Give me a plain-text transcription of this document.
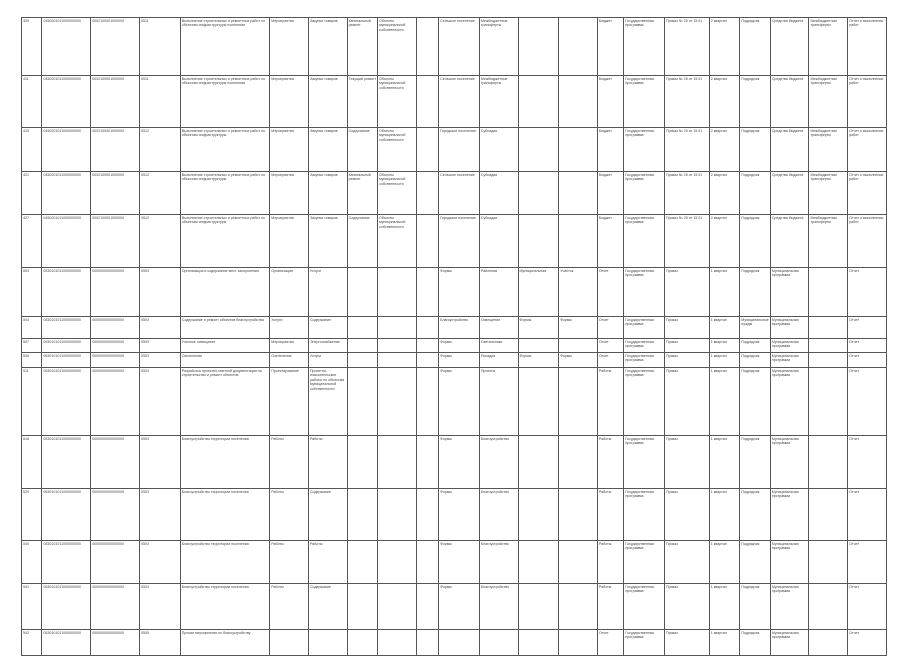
409	0450201011000000000	0002100001000000	0511	Выполнение строительных и ремонтных работ по объектам инфраструктуры поселения	Мероприятия	Закупка товаров	Капитальный ремонт	Объекты муниципальной собственности		Сельское поселение	Межбюджетные трансферты			Бюджет	Государственная программа	Приказ № 25 от 15.01	2 квартал	Подрядчик	Средства бюджета	Межбюджетные трансферты	Отчет о выполнении работ
411	0450201011000000000	0002100001000000	0511	Выполнение строительных и ремонтных работ по объектам инфраструктуры поселения	Мероприятия	Закупка товаров	Текущий ремонт	Объекты муниципальной собственности		Сельское поселение	Межбюджетные трансферты			Бюджет	Государственная программа	Приказ № 25 от 15.01	2 квартал	Подрядчик	Средства бюджета	Межбюджетные трансферты	Отчет о выполнении работ
415	0450201011000000000	0002100001000000	0512	Выполнение строительных и ремонтных работ по объектам инфраструктуры	Мероприятия	Закупка товаров	Содержание	Объекты муниципальной собственности		Городское поселение	Субсидии			Бюджет	Государственная программа	Приказ № 25 от 15.01	2 квартал	Подрядчик	Средства бюджета	Межбюджетные трансферты	Отчет о выполнении работ
421	0450201011000000000	0002100001000000	0512	Выполнение строительных и ремонтных работ по объектам инфраструктуры	Мероприятия	Закупка товаров	Капитальный ремонт	Объекты муниципальной собственности		Сельское поселение	Субсидии			Бюджет	Государственная программа	Приказ № 25 от 15.01	2 квартал	Подрядчик	Средства бюджета	Межбюджетные трансферты	Отчет о выполнении работ
427	0450201011000000000	0002100001000000	0512	Выполнение строительных и ремонтных работ по объектам инфраструктуры	Мероприятия	Закупка товаров	Содержание	Объекты муниципальной собственности		Городское поселение	Субсидии			Бюджет	Государственная программа	Приказ № 25 от 15.01	2 квартал	Подрядчик	Средства бюджета	Межбюджетные трансферты	Отчет о выполнении работ
503	0530101011000000000	0000000000000000	0503	Организация и содержание мест захоронения	Организация	Услуги				Формы	Районная	Муниципальная	Участок	Отчет	Государственная программа	Приказ	1 квартал	Подрядчик	Муниципальная программа		Отчет
504	0530101011000000000	0000000000000000	0503	Содержание и ремонт объектов благоустройства	Услуги	Содержание				Благоустройство	Освещение	Формы	Формы	Отчет	Государственная программа	Приказ	1 квартал	Муниципальные нужды	Муниципальная программа		Отчет
507	0530101011000000000	0000000000000000	0503	Уличное освещение	Мероприятия	Энергоснабжение				Формы	Светильники			Отчет	Государственная программа	Приказ	1 квартал	Подрядчик	Муниципальная программа		Отчет
508	0530101011000000000	0000000000000000	0503	Озеленение	Озеленение	Услуги				Формы	Посадка	Формы	Формы	Отчет	Государственная программа	Приказ	1 квартал	Подрядчик	Муниципальная программа		Отчет
511	0530101011000000000	0000000000000000	0503	Разработка проектно-сметной документации на строительство и ремонт объектов	Проектирование	Проектно-изыскательские работы по объектам муниципальной собственности				Формы	Проекты			Работы	Государственная программа	Приказ	1 квартал	Подрядчик	Муниципальная программа		Отчет
518	0530101011000000000	0000000000000000	0503	Благоустройство территории поселения	Работы	Работы				Формы	Благоустройство			Работы	Государственная программа	Приказ	1 квартал	Подрядчик	Муниципальная программа		Отчет
529	0530101011000000000	0000000000000000	0503	Благоустройство территории поселения	Работы	Содержание				Формы	Благоустройство			Работы	Государственная программа	Приказ	1 квартал	Подрядчик	Муниципальная программа		Отчет
540	0530101011000000000	0000000000000000	0503	Благоустройство территории поселения	Работы	Работы				Формы	Благоустройство			Работы	Государственная программа	Приказ	1 квартал	Подрядчик	Муниципальная программа		Отчет
541	0530101011000000000	0000000000000000	0503	Благоустройство территории поселения	Работы	Содержание				Формы	Благоустройство			Работы	Государственная программа	Приказ	1 квартал	Подрядчик	Муниципальная программа		Отчет
542	0530101011000000000	0000000000000000	0505	Прочие мероприятия по благоустройству										Отчет	Государственная программа	Приказ	1 квартал	Подрядчик	Муниципальная программа		Отчет
